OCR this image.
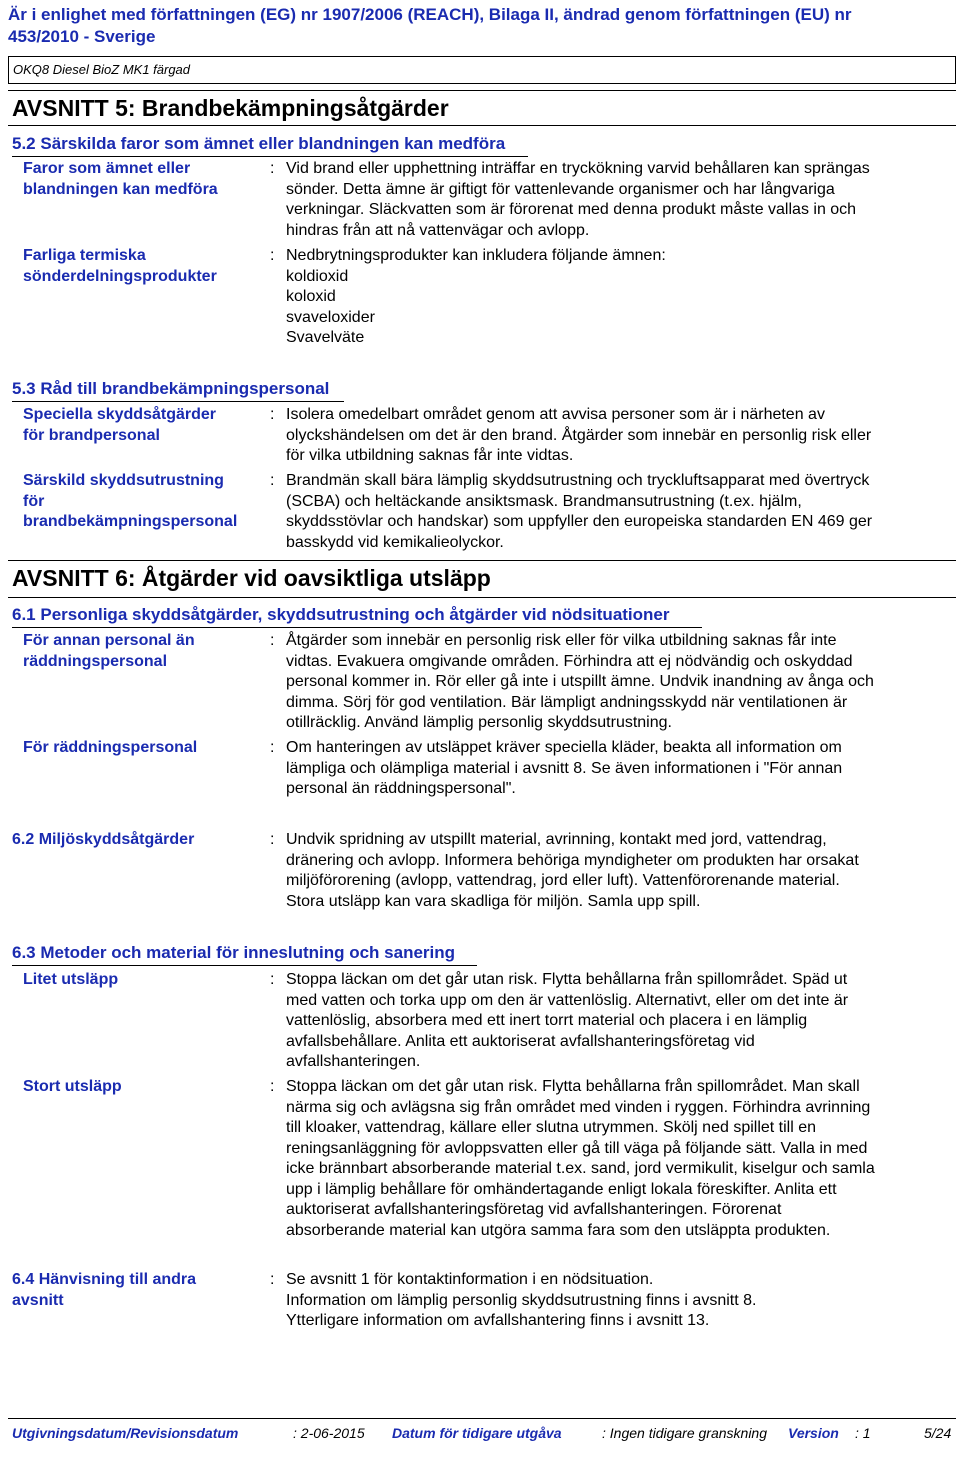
Är i enlighet med författningen (EG) nr 1907/2006 (REACH), Bilaga II, ändrad genom författningen (EU) nr
453/2010 - Sverige
OKQ8 Diesel BioZ MK1 färgad
AVSNITT 5: Brandbekämpningsåtgärder
5.2 Särskilda faror som ämnet eller blandningen kan medföra
Faror som ämnet eller
blandningen kan medföra
: Vid brand eller upphettning inträffar en tryckökning varvid behållaren kan sprängas
sönder. Detta ämne är giftigt för vattenlevande organismer och har långvariga
verkningar. Släckvatten som är förorenat med denna produkt måste vallas in och
hindras från att nå vattenvägar och avlopp.
Farliga termiska
sönderdelningsprodukter
: Nedbrytningsprodukter kan inkludera följande ämnen:
koldioxid
koloxid
svaveloxider
Svavelväte
5.3 Råd till brandbekämpningspersonal
Speciella skyddsåtgärder
för brandpersonal
: Isolera omedelbart området genom att avvisa personer som är i närheten av
olyckshändelsen om det är den brand. Åtgärder som innebär en personlig risk eller
för vilka utbildning saknas får inte vidtas.
Särskild skyddsutrustning
för
brandbekämpningspersonal
: Brandmän skall bära lämplig skyddsutrustning och tryckluftsapparat med övertryck
(SCBA) och heltäckande ansiktsmask. Brandmansutrustning (t.ex. hjälm,
skyddsstövlar och handskar) som uppfyller den europeiska standarden EN 469 ger
basskydd vid kemikalieolyckor.
AVSNITT 6: Åtgärder vid oavsiktliga utsläpp
6.1 Personliga skyddsåtgärder, skyddsutrustning och åtgärder vid nödsituationer
För annan personal än
räddningspersonal
: Åtgärder som innebär en personlig risk eller för vilka utbildning saknas får inte
vidtas. Evakuera omgivande områden. Förhindra att ej nödvändig och oskyddad
personal kommer in. Rör eller gå inte i utspillt ämne. Undvik inandning av ånga och
dimma. Sörj för god ventilation. Bär lämpligt andningsskydd när ventilationen är
otillräcklig. Använd lämplig personlig skyddsutrustning.
För räddningspersonal	: Om hanteringen av utsläppet kräver speciella kläder, beakta all information om
lämpliga och olämpliga material i avsnitt 8. Se även informationen i "För annan
personal än räddningspersonal".
6.2 Miljöskyddsåtgärder	: Undvik spridning av utspillt material, avrinning, kontakt med jord, vattendrag,
dränering och avlopp. Informera behöriga myndigheter om produkten har orsakat
miljöförorening (avlopp, vattendrag, jord eller luft). Vattenförorenande material.
Stora utsläpp kan vara skadliga för miljön. Samla upp spill.
6.3 Metoder och material för inneslutning och sanering
Litet utsläpp	: Stoppa läckan om det går utan risk. Flytta behållarna från spillområdet. Späd ut
med vatten och torka upp om den är vattenlöslig. Alternativt, eller om det inte är
vattenlöslig, absorbera med ett inert torrt material och placera i en lämplig
avfallsbehållare. Anlita ett auktoriserat avfallshanteringsföretag vid
avfallshanteringen.
Stort utsläpp	: Stoppa läckan om det går utan risk. Flytta behållarna från spillområdet. Man skall
närma sig och avlägsna sig från området med vinden i ryggen. Förhindra avrinning
till kloaker, vattendrag, källare eller slutna utrymmen. Skölj ned spillet till en
reningsanläggning för avloppsvatten eller gå till väga på följande sätt. Valla in med
icke brännbart absorberande material t.ex. sand, jord vermikulit, kiselgur och samla
upp i lämplig behållare för omhändertagande enligt lokala föreskifter. Anlita ett
auktoriserat avfallshanteringsföretag vid avfallshanteringen. Förorenat
absorberande material kan utgöra samma fara som den utsläppta produkten.
6.4 Hänvisning till andra
avsnitt
: Se avsnitt 1 för kontaktinformation i en nödsituation.
Information om lämplig personlig skyddsutrustning finns i avsnitt 8.
Ytterligare information om avfallshantering finns i avsnitt 13.
Utgivningsdatum/Revisionsdatum	: 2-06-2015 Datum för tidigare utgåva	: Ingen tidigare granskning Version : 1	5/24
